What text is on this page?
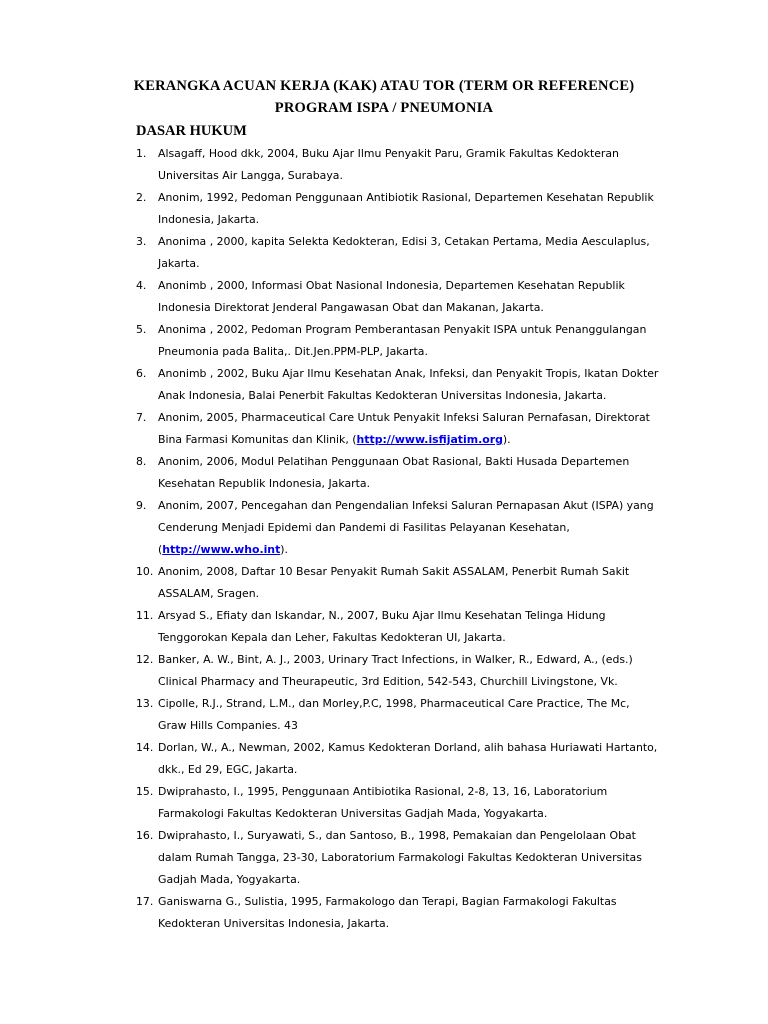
KERANGKA ACUAN KERJA (KAK) ATAU TOR (TERM OR REFERENCE)
PROGRAM ISPA / PNEUMONIA
DASAR HUKUM
1. Alsagaff, Hood dkk, 2004, Buku Ajar Ilmu Penyakit Paru, Gramik Fakultas Kedokteran
Universitas Air Langga, Surabaya.
2. Anonim, 1992, Pedoman Penggunaan Antibiotik Rasional, Departemen Kesehatan Republik
Indonesia, Jakarta.
3. Anonima , 2000, kapita Selekta Kedokteran, Edisi 3, Cetakan Pertama, Media Aesculaplus,
Jakarta.
4. Anonimb , 2000, Informasi Obat Nasional Indonesia, Departemen Kesehatan Republik
Indonesia Direktorat Jenderal Pangawasan Obat dan Makanan, Jakarta.
5. Anonima , 2002, Pedoman Program Pemberantasan Penyakit ISPA untuk Penanggulangan
Pneumonia pada Balita,. Dit.Jen.PPM-PLP, Jakarta.
6. Anonimb , 2002, Buku Ajar Ilmu Kesehatan Anak, Infeksi, dan Penyakit Tropis, Ikatan Dokter
Anak Indonesia, Balai Penerbit Fakultas Kedokteran Universitas Indonesia, Jakarta.
7. Anonim, 2005, Pharmaceutical Care Untuk Penyakit Infeksi Saluran Pernafasan, Direktorat
Bina Farmasi Komunitas dan Klinik, (http://www.isfijatim.org).
8. Anonim, 2006, Modul Pelatihan Penggunaan Obat Rasional, Bakti Husada Departemen
Kesehatan Republik Indonesia, Jakarta.
9. Anonim, 2007, Pencegahan dan Pengendalian Infeksi Saluran Pernapasan Akut (ISPA) yang
Cenderung Menjadi Epidemi dan Pandemi di Fasilitas Pelayanan Kesehatan,
(http://www.who.int).
10. Anonim, 2008, Daftar 10 Besar Penyakit Rumah Sakit ASSALAM, Penerbit Rumah Sakit
ASSALAM, Sragen.
11. Arsyad S., Efiaty dan Iskandar, N., 2007, Buku Ajar Ilmu Kesehatan Telinga Hidung
Tenggorokan Kepala dan Leher, Fakultas Kedokteran UI, Jakarta.
12. Banker, A. W., Bint, A. J., 2003, Urinary Tract Infections, in Walker, R., Edward, A., (eds.)
Clinical Pharmacy and Theurapeutic, 3rd Edition, 542-543, Churchill Livingstone, Vk.
13. Cipolle, R.J., Strand, L.M., dan Morley,P.C, 1998, Pharmaceutical Care Practice, The Mc,
Graw Hills Companies. 43
14. Dorlan, W., A., Newman, 2002, Kamus Kedokteran Dorland, alih bahasa Huriawati Hartanto,
dkk., Ed 29, EGC, Jakarta.
15. Dwiprahasto, I., 1995, Penggunaan Antibiotika Rasional, 2-8, 13, 16, Laboratorium
Farmakologi Fakultas Kedokteran Universitas Gadjah Mada, Yogyakarta.
16. Dwiprahasto, I., Suryawati, S., dan Santoso, B., 1998, Pemakaian dan Pengelolaan Obat
dalam Rumah Tangga, 23-30, Laboratorium Farmakologi Fakultas Kedokteran Universitas
Gadjah Mada, Yogyakarta.
17. Ganiswarna G., Sulistia, 1995, Farmakologo dan Terapi, Bagian Farmakologi Fakultas
Kedokteran Universitas Indonesia, Jakarta.
